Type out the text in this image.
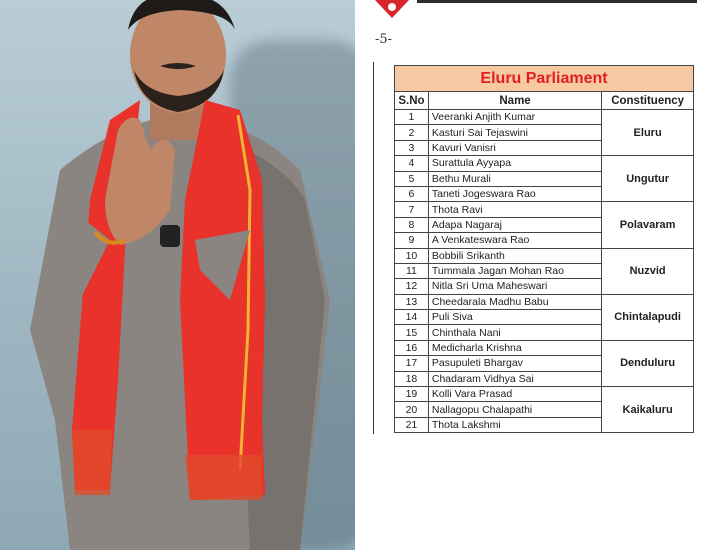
-5-
Eluru Parliament		
S.No	Name	Constituency
1	Veeranki Anjith Kumar	Eluru
2	Kasturi Sai Tejaswini	
3	Kavuri Vanisri	
4	Surattula Ayyapa	Ungutur
5	Bethu Murali	
6	Taneti Jogeswara Rao	
7	Thota Ravi	Polavaram
8	Adapa Nagaraj	
9	A Venkateswara Rao	
10	Bobbili Srikanth	Nuzvid
11	Tummala Jagan Mohan Rao	
12	Nitla Sri Uma Maheswari	
13	Cheedarala Madhu Babu	Chintalapudi
14	Puli Siva	
15	Chinthala Nani	
16	Medicharla Krishna	Denduluru
17	Pasupuleti Bhargav	
18	Chadaram Vidhya Sai	
19	Kolli Vara Prasad	Kaikaluru
20	Nallagopu Chalapathi	
21	Thota Lakshmi	
